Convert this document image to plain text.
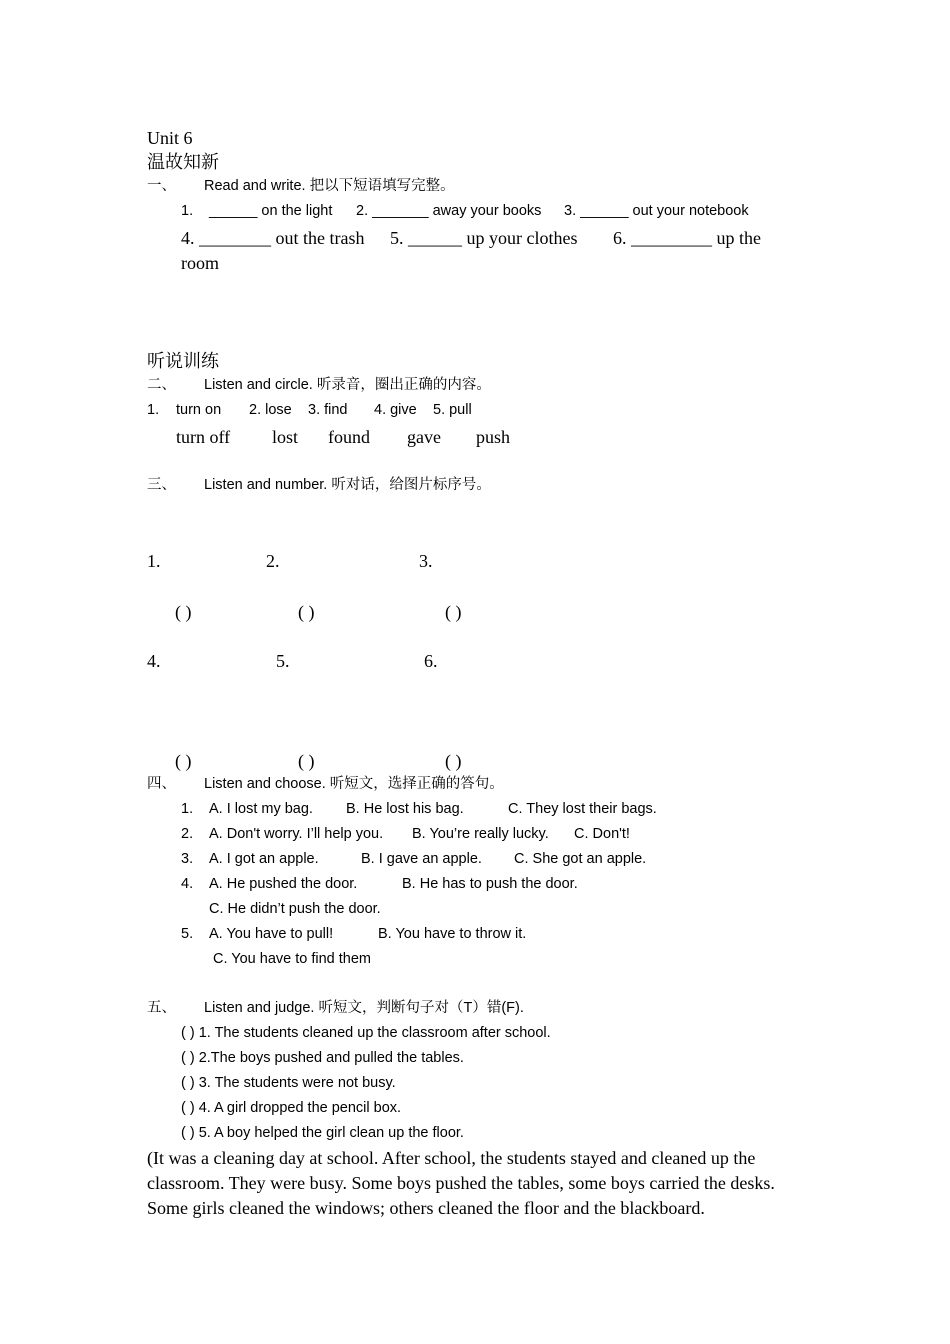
Unit 6
温故知新
一、 Read and write. 把以下短语填写完整。
1. ______ on the light 2. _______ away your books 3. ______ out your notebook
4. ________ out the trash 5. ______ up your clothes 6. _________ up the
room
听说训练
二、 Listen and circle. 听录音，圈出正确的内容。
1. turn on 2. lose 3. find 4. give 5. pull
turn off lost found gave push
三、 Listen and number. 听对话，给图片标序号。
1.	2.	3.
( )	( )	( )
4.	5.	6.
( )	( )	( )
四、 Listen and choose. 听短文，选择正确的答句。
1. A. I lost my bag. B. He lost his bag.	C. They lost their bags.
2. A. Don't worry. I’ll help you. B. You’re really lucky. C. Don't!
3. A. I got an apple.	B. I gave an apple. C. She got an apple.
4. A. He pushed the door.	B. He has to push the door.
C. He didn’t push the door.
5. A. You have to pull!	B. You have to throw it.
C. You have to find them
五、 Listen and judge. 听短文，判断句子对（T）错(F).
( ) 1. The students cleaned up the classroom after school.
( ) 2.The boys pushed and pulled the tables.
( ) 3. The students were not busy.
( ) 4. A girl dropped the pencil box.
( ) 5. A boy helped the girl clean up the floor.
(It was a cleaning day at school. After school, the students stayed and cleaned up the classroom. They were busy. Some boys pushed the tables, some boys carried the desks. Some girls cleaned the windows; others cleaned the floor and the blackboard.
